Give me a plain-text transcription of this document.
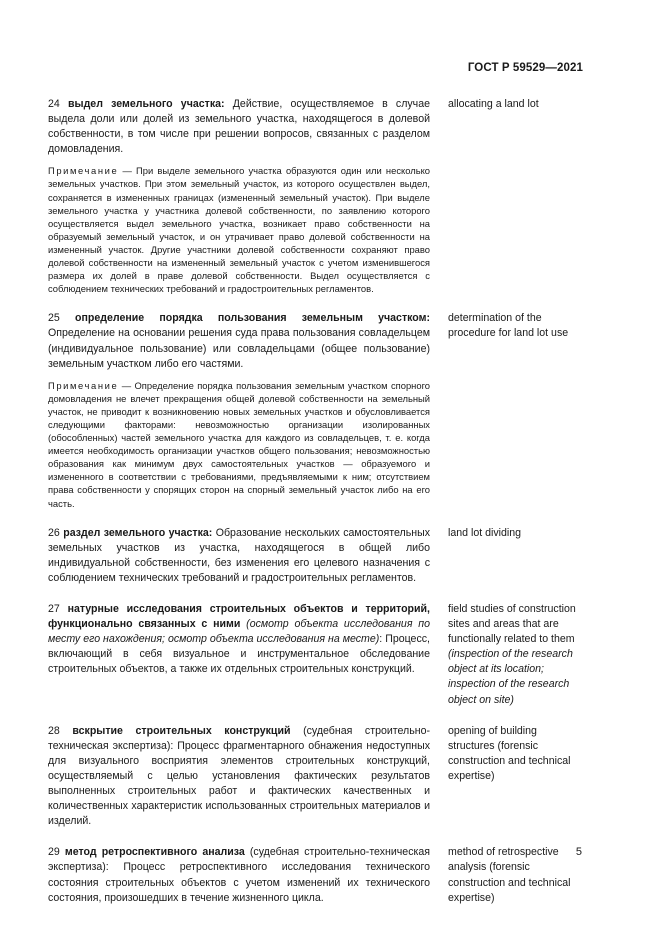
ГОСТ Р 59529—2021
24 выдел земельного участка: Действие, осуществляемое в случае выдела доли или долей из земельного участка, находящегося в долевой собственности, в том числе при решении вопросов, связанных с разделом домовладения.
Примечание — При выделе земельного участка образуются один или несколько земельных участков. При этом земельный участок, из которого осуществлен выдел, сохраняется в измененных границах (измененный земельный участок). При выделе земельного участка у участника долевой собственности, по заявлению которого осуществляется выдел земельного участка, возникает право собственности на образуемый земельный участок, и он утрачивает право долевой собственности на измененный участок. Другие участники долевой собственности сохраняют право долевой собственности на измененный земельный участок с учетом изменившегося размера их долей в праве долевой собственности. Выдел осуществляется с соблюдением технических требований и градостроительных регламентов.
allocating a land lot
25 определение порядка пользования земельным участком: Определение на основании решения суда права пользования совладельцем (индивидуальное пользование) или совладельцами (общее пользование) земельным участком либо его частями.
Примечание — Определение порядка пользования земельным участком спорного домовладения не влечет прекращения общей долевой собственности на земельный участок, не приводит к возникновению новых земельных участков и обусловливается следующими факторами: невозможностью организации изолированных (обособленных) частей земельного участка для каждого из совладельцев, т. е. когда имеется необходимость организации участков общего пользования; невозможностью образования как минимум двух самостоятельных участков — образуемого и измененного в соответствии с требованиями, предъявляемыми к ним; отсутствием права собственности у спорящих сторон на спорный земельный участок либо на его часть.
determination of the procedure for land lot use
26 раздел земельного участка: Образование нескольких самостоятельных земельных участков из участка, находящегося в общей либо индивидуальной собственности, без изменения его целевого назначения с соблюдением технических требований и градостроительных регламентов.
land lot dividing
27 натурные исследования строительных объектов и территорий, функционально связанных с ними (осмотр объекта исследования по месту его нахождения; осмотр объекта исследования на месте): Процесс, включающий в себя визуальное и инструментальное обследование строительных объектов, а также их отдельных строительных конструкций.
field studies of construction sites and areas that are functionally related to them (inspection of the research object at its location; inspection of the research object on site)
28 вскрытие строительных конструкций (судебная строительно-техническая экспертиза): Процесс фрагментарного обнажения недоступных для визуального восприятия элементов строительных конструкций, осуществляемый с целью установления фактических результатов выполненных строительных работ и фактических качественных и количественных характеристик использованных строительных материалов и изделий.
opening of building structures (forensic construction and technical expertise)
29 метод ретроспективного анализа (судебная строительно-техническая экспертиза): Процесс ретроспективного исследования технического состояния строительных объектов с учетом изменений их технического состояния, произошедших в течение жизненного цикла.
method of retrospective analysis (forensic construction and technical expertise)
5
